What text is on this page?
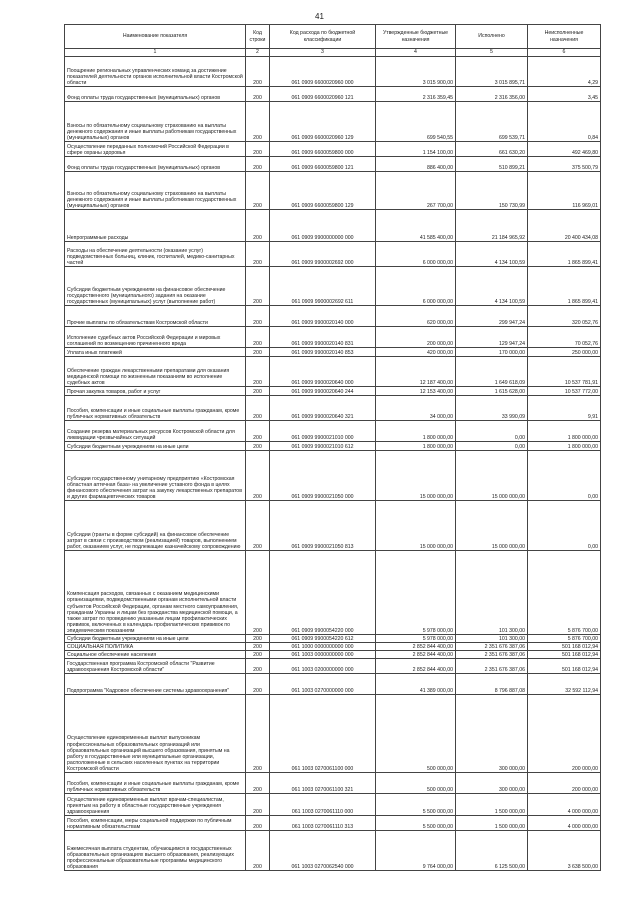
41
Наименование показателя	Код строки	Код расхода по бюджетной классификации	Утвержденные бюджетные назначения	Исполнено	Неисполненные назначения
1	2	3	4	5	6
Поощрение региональных управленческих команд за достижение показателей деятельности органов исполнительной власти Костромской области	200	061 0909 6600020960 000	3 015 900,00	3 015 895,71	4,29
Фонд оплаты труда государственных (муниципальных) органов	200	061 0909 6600020960 121	2 316 359,45	2 316 356,00	3,45
Взносы по обязательному социальному страхованию на выплаты денежного содержания и иные выплаты работникам государственных (муниципальных) органов	200	061 0909 6600020960 129	699 540,55	699 539,71	0,84
Осуществление переданных полномочий Российской Федерации в сфере охраны здоровья	200	061 0909 6600059800 000	1 154 100,00	661 630,20	492 469,80
Фонд оплаты труда государственных (муниципальных) органов	200	061 0909 6600059800 121	886 400,00	510 899,21	375 500,79
Взносы по обязательному социальному страхованию на выплаты денежного содержания и иные выплаты работникам государственных (муниципальных) органов	200	061 0909 6600059800 129	267 700,00	150 730,99	116 969,01
Непрограммные расходы	200	061 0909 9900000000 000	41 585 400,00	21 184 965,92	20 400 434,08
Расходы на обеспечение деятельности (оказание услуг) подведомственных больниц, клиник, госпиталей, медико-санитарных частей	200	061 0909 9900002692 000	6 000 000,00	4 134 100,59	1 865 899,41
Субсидии бюджетным учреждениям на финансовое обеспечение государственного (муниципального) задания на оказание государственных (муниципальных) услуг (выполнение работ)	200	061 0909 9900002692 611	6 000 000,00	4 134 100,59	1 865 899,41
Прочие выплаты по обязательствам Костромской области	200	061 0909 9900020140 000	620 000,00	299 947,24	320 052,76
Исполнение судебных актов Российской Федерации и мировых соглашений по возмещению причиненного вреда	200	061 0909 9900020140 831	200 000,00	129 947,24	70 052,76
Уплата иных платежей	200	061 0909 9900020140 853	420 000,00	170 000,00	250 000,00
Обеспечение граждан лекарственными препаратами для оказания медицинской помощи по жизненным показаниям во исполнение судебных актов	200	061 0909 9900020640 000	12 187 400,00	1 649 618,09	10 537 781,91
Прочая закупка товаров, работ и услуг	200	061 0909 9900020640 244	12 153 400,00	1 615 628,00	10 537 772,00
Пособия, компенсации и иные социальные выплаты гражданам, кроме публичных нормативных обязательств	200	061 0909 9900020640 321	34 000,00	33 990,09	9,91
Создание резерва материальных ресурсов Костромской области для ликвидации чрезвычайных ситуаций	200	061 0909 9900021010 000	1 800 000,00	0,00	1 800 000,00
Субсидии бюджетным учреждениям на иные цели	200	061 0909 9900021010 612	1 800 000,00	0,00	1 800 000,00
Субсидии государственному унитарному предприятию «Костромская областная аптечная база» на увеличение уставного фонда в целях финансового обеспечения затрат на закупку лекарственных препаратов и других фармацевтических товаров	200	061 0909 9900021050 000	15 000 000,00	15 000 000,00	0,00
Субсидии (гранты в форме субсидий) на финансовое обеспечение затрат в связи с производством (реализацией) товаров, выполнением работ, оказанием услуг, не подлежащие казначейскому сопровождению	200	061 0909 9900021050 813	15 000 000,00	15 000 000,00	0,00
Компенсация расходов, связанных с оказанием медицинскими организациями, подведомственными органам исполнительной власти субъектов Российской Федерации, органам местного самоуправления, гражданам Украины и лицам без гражданства медицинской помощи, а также затрат по проведению указанным лицам профилактических прививок, включенных в календарь профилактических прививок по эпидемическим показаниям	200	061 0909 9900054220 000	5 978 000,00	101 300,00	5 876 700,00
Субсидии бюджетным учреждениям на иные цели	200	061 0909 9900054220 612	5 978 000,00	101 300,00	5 876 700,00
СОЦИАЛЬНАЯ ПОЛИТИКА	200	061 1000 0000000000 000	2 852 844 400,00	2 351 676 387,06	501 168 012,94
Социальное обеспечение населения	200	061 1003 0000000000 000	2 852 844 400,00	2 351 676 387,06	501 168 012,94
Государственная программа Костромской области "Развитие здравоохранения Костромской области"	200	061 1003 0200000000 000	2 852 844 400,00	2 351 676 387,06	501 168 012,94
Подпрограмма "Кадровое обеспечение системы здравоохранения"	200	061 1003 0270000000 000	41 389 000,00	8 796 887,08	32 592 112,94
Осуществление единовременных выплат выпускникам профессиональных образовательных организаций или образовательных организаций высшего образования, принятым на работу в государственные или муниципальные организации, расположенные в сельских населенных пунктах на территории Костромской области	200	061 1003 0270061100 000	500 000,00	300 000,00	200 000,00
Пособия, компенсации и иные социальные выплаты гражданам, кроме публичных нормативных обязательств	200	061 1003 0270061100 321	500 000,00	300 000,00	200 000,00
Осуществление единовременных выплат врачам-специалистам, принятым на работу в областные государственные учреждения здравоохранения	200	061 1003 0270061110 000	5 500 000,00	1 500 000,00	4 000 000,00
Пособия, компенсации, меры социальной поддержки по публичным нормативным обязательствам	200	061 1003 0270061110 313	5 500 000,00	1 500 000,00	4 000 000,00
Ежемесячная выплата студентам, обучающимся в государственных образовательных организациях высшего образования, реализующих профессиональные образовательные программы медицинского образования	200	061 1003 0270062540 000	9 764 000,00	6 125 500,00	3 638 500,00
